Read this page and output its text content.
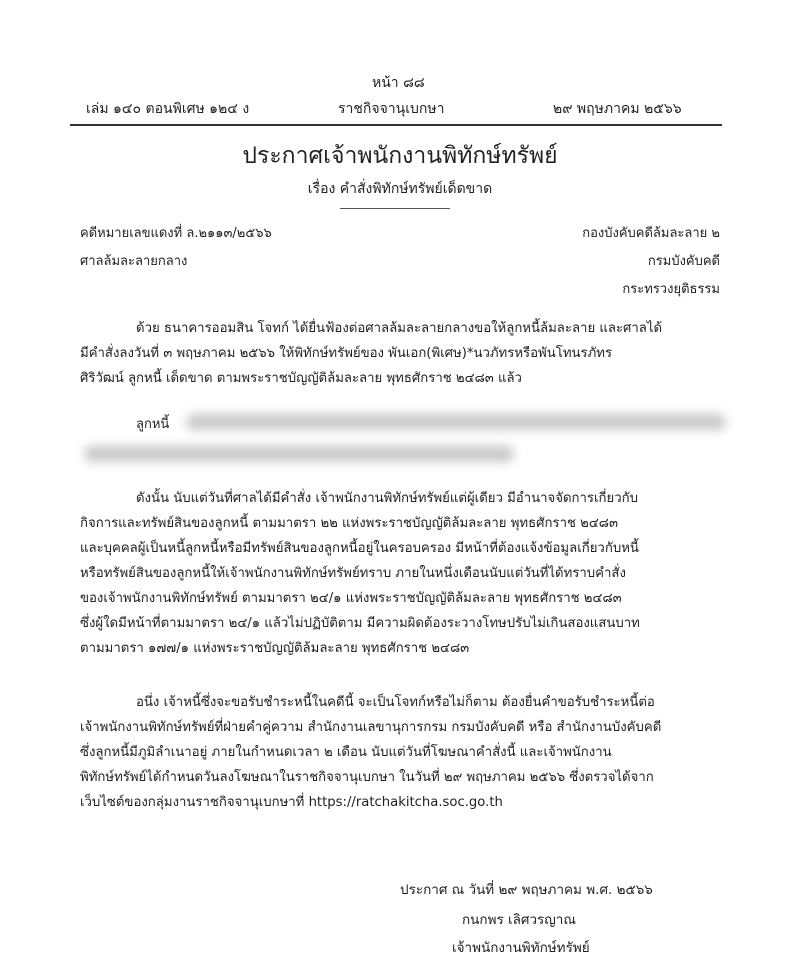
หน้า ๘๘
เล่ม ๑๔๐ ตอนพิเศษ ๑๒๔ ง	ราชกิจจานุเบกษา	๒๙ พฤษภาคม ๒๕๖๖
ประกาศเจ้าพนักงานพิทักษ์ทรัพย์
เรื่อง คำสั่งพิทักษ์ทรัพย์เด็ดขาด
คดีหมายเลขแดงที่ ล.๒๑๑๓/๒๕๖๖
ศาลล้มละลายกลาง
กองบังคับคดีล้มละลาย ๒
กรมบังคับคดี
กระทรวงยุติธรรม
ด้วย ธนาคารออมสิน โจทก์ ได้ยื่นฟ้องต่อศาลล้มละลายกลางขอให้ลูกหนี้ล้มละลาย และศาลได้
มีคำสั่งลงวันที่ ๓ พฤษภาคม ๒๕๖๖ ให้พิทักษ์ทรัพย์ของ พันเอก(พิเศษ)*นวภัทรหรือพันโทนรภัทร
ศิริวัฒน์ ลูกหนี้ เด็ดขาด ตามพระราชบัญญัติล้มละลาย พุทธศักราช ๒๔๘๓ แล้ว
ลูกหนี้
ดังนั้น นับแต่วันที่ศาลได้มีคำสั่ง เจ้าพนักงานพิทักษ์ทรัพย์แต่ผู้เดียว มีอำนาจจัดการเกี่ยวกับ
กิจการและทรัพย์สินของลูกหนี้ ตามมาตรา ๒๒ แห่งพระราชบัญญัติล้มละลาย พุทธศักราช ๒๔๘๓
และบุคคลผู้เป็นหนี้ลูกหนี้หรือมีทรัพย์สินของลูกหนี้อยู่ในครอบครอง มีหน้าที่ต้องแจ้งข้อมูลเกี่ยวกับหนี้
หรือทรัพย์สินของลูกหนี้ให้เจ้าพนักงานพิทักษ์ทรัพย์ทราบ ภายในหนึ่งเดือนนับแต่วันที่ได้ทราบคำสั่ง
ของเจ้าพนักงานพิทักษ์ทรัพย์ ตามมาตรา ๒๔/๑ แห่งพระราชบัญญัติล้มละลาย พุทธศักราช ๒๔๘๓
ซึ่งผู้ใดมีหน้าที่ตามมาตรา ๒๔/๑ แล้วไม่ปฏิบัติตาม มีความผิดต้องระวางโทษปรับไม่เกินสองแสนบาท
ตามมาตรา ๑๗๗/๑ แห่งพระราชบัญญัติล้มละลาย พุทธศักราช ๒๔๘๓
อนึ่ง เจ้าหนี้ซึ่งจะขอรับชำระหนี้ในคดีนี้ จะเป็นโจทก์หรือไม่ก็ตาม ต้องยื่นคำขอรับชำระหนี้ต่อ
เจ้าพนักงานพิทักษ์ทรัพย์ที่ฝ่ายคำคู่ความ สำนักงานเลขานุการกรม กรมบังคับคดี หรือ สำนักงานบังคับคดี
ซึ่งลูกหนี้มีภูมิลำเนาอยู่ ภายในกำหนดเวลา ๒ เดือน นับแต่วันที่โฆษณาคำสั่งนี้ และเจ้าพนักงาน
พิทักษ์ทรัพย์ได้กำหนดวันลงโฆษณาในราชกิจจานุเบกษา ในวันที่ ๒๙ พฤษภาคม ๒๕๖๖ ซึ่งตรวจได้จาก
เว็บไซต์ของกลุ่มงานราชกิจจานุเบกษาที่ https://ratchakitcha.soc.go.th
ประกาศ ณ วันที่ ๒๙ พฤษภาคม พ.ศ. ๒๕๖๖
กนกพร เลิศวรญาณ
เจ้าพนักงานพิทักษ์ทรัพย์
